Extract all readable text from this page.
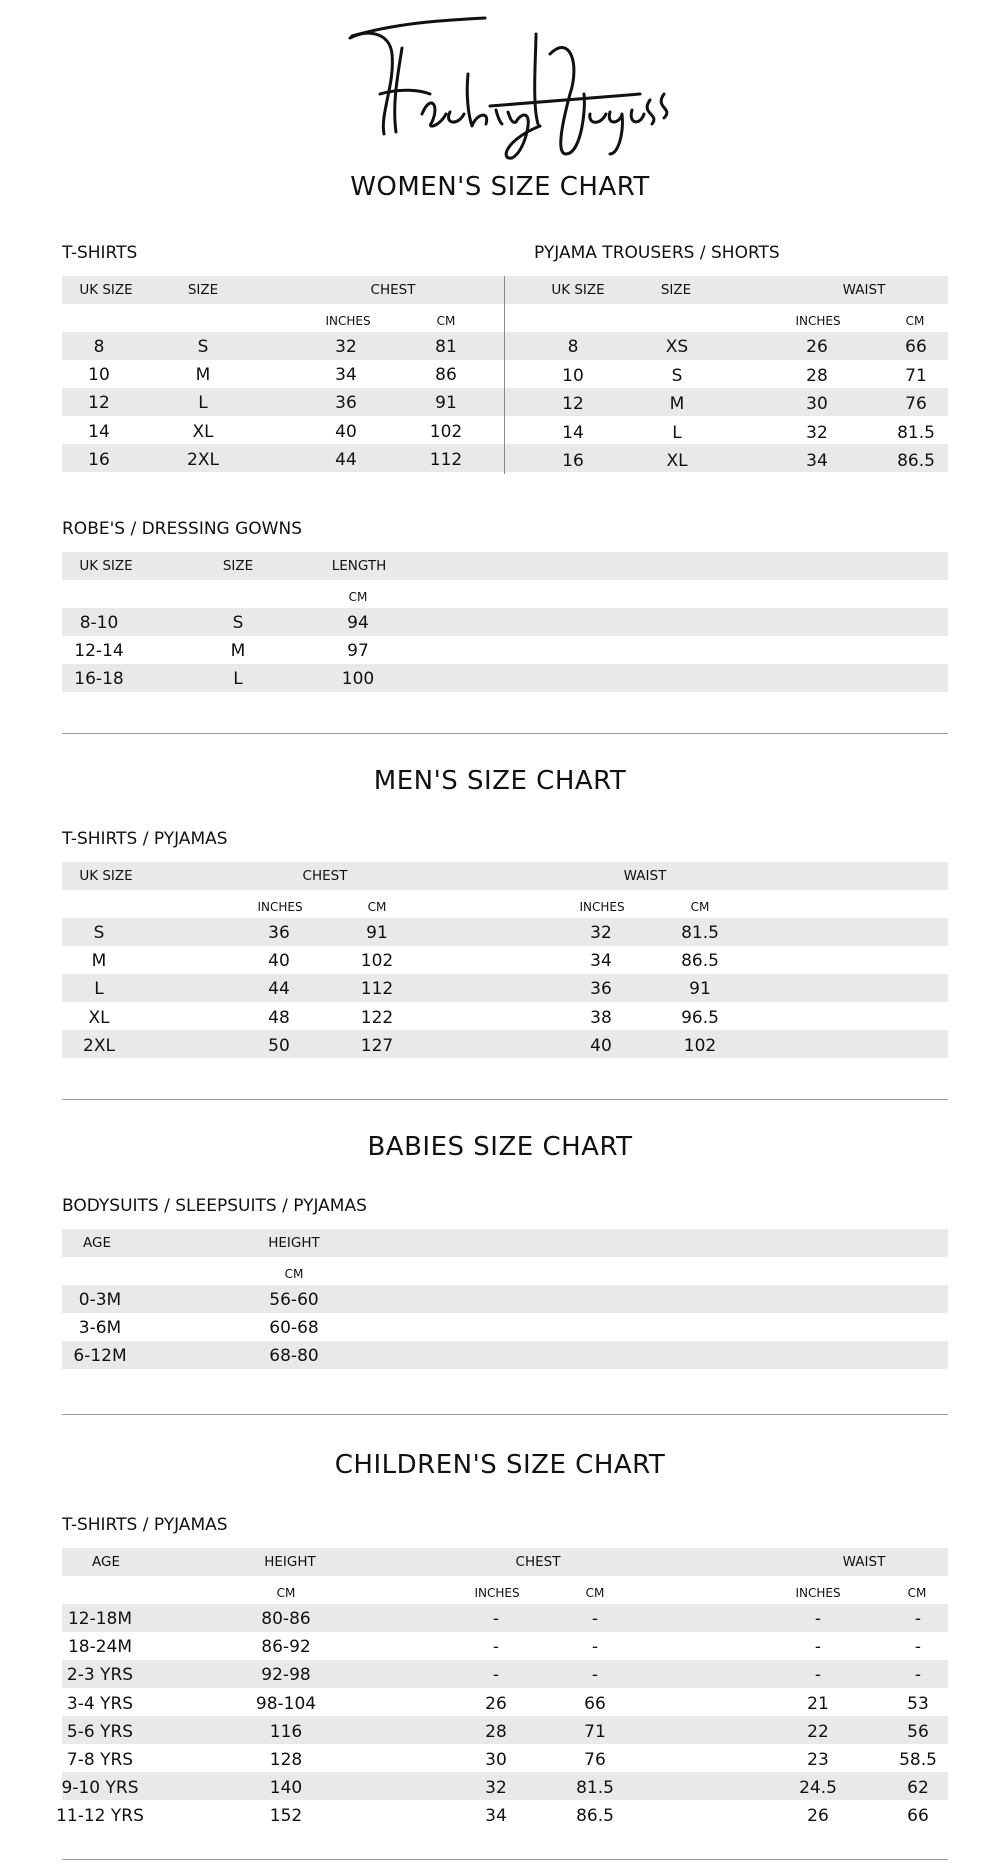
WOMEN'S SIZE CHART
T-SHIRTS	PYJAMA TROUSERS / SHORTS
UK SIZE	SIZE	CHEST
INCHES	CM
8	S	32	81
10	M	34	86
12	L	36	91
14	XL	40	102
16	2XL	44	112
UK SIZE	SIZE	WAIST
INCHES	CM
8	XS	26	66
10	S	28	71
12	M	30	76
14	L	32	81.5
16	XL	34	86.5
ROBE'S / DRESSING GOWNS
UK SIZE	SIZE	LENGTH
CM
8-10	S	94
12-14	M	97
16-18	L	100
MEN'S SIZE CHART
T-SHIRTS / PYJAMAS
UK SIZE	CHEST	WAIST
INCHES	CM	INCHES	CM
S	36	91	32	81.5
M	40	102	34	86.5
L	44	112	36	91
XL	48	122	38	96.5
2XL	50	127	40	102
BABIES SIZE CHART
BODYSUITS / SLEEPSUITS / PYJAMAS
AGE	HEIGHT
CM
0-3M	56-60
3-6M	60-68
6-12M	68-80
CHILDREN'S SIZE CHART
T-SHIRTS / PYJAMAS
AGE	HEIGHT	CHEST	WAIST
CM	INCHES	CM	INCHES	CM
12-18M	80-86	-	-	-	-
18-24M	86-92	-	-	-	-
2-3 YRS	92-98	-	-	-	-
3-4 YRS	98-104	26	66	21	53
5-6 YRS	116	28	71	22	56
7-8 YRS	128	30	76	23	58.5
9-10 YRS	140	32	81.5	24.5	62
11-12 YRS	152	34	86.5	26	66
